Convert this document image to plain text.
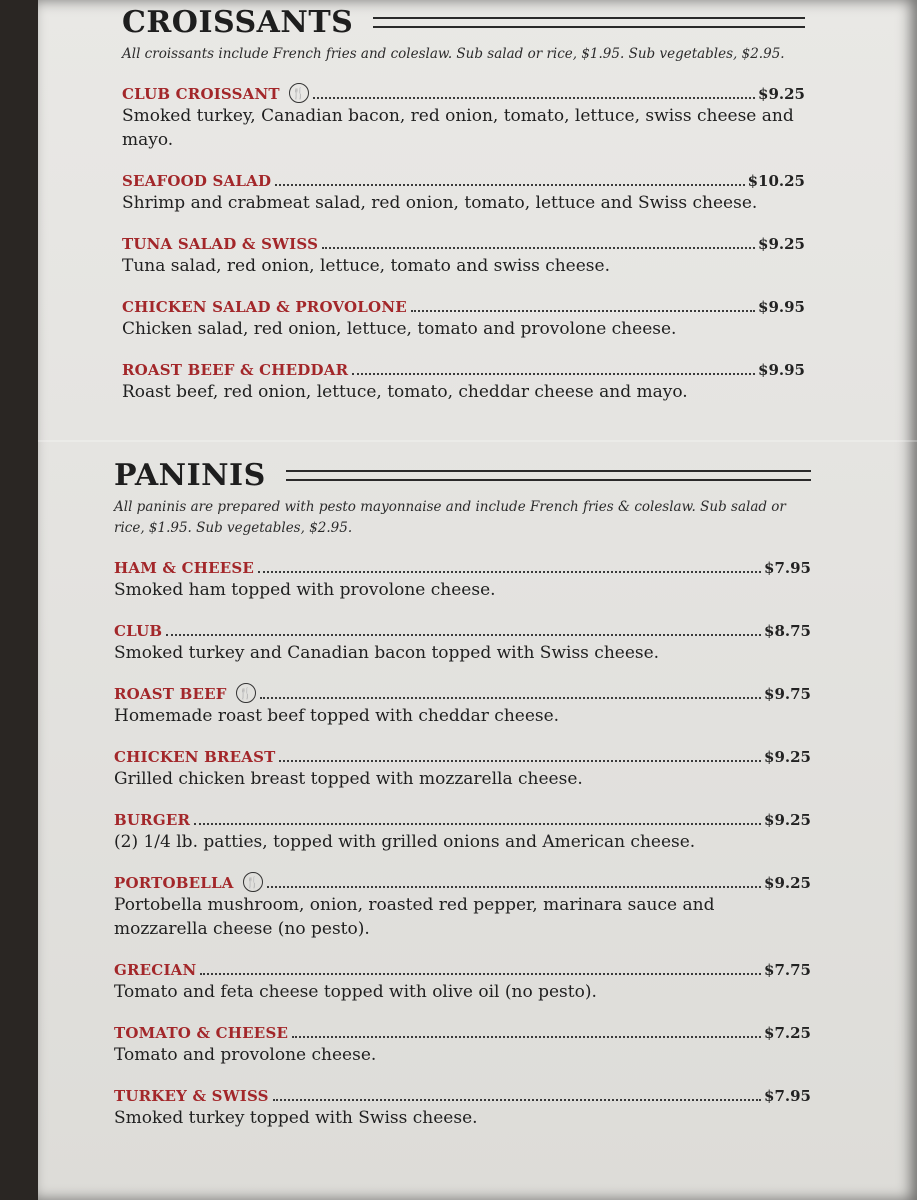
CROISSANTS
All croissants include French fries and coleslaw. Sub salad or rice, $1.95. Sub vegetables, $2.95.
CLUB CROISSANT 🍴	$9.25
Smoked turkey, Canadian bacon, red onion, tomato, lettuce, swiss cheese and mayo.
SEAFOOD SALAD	$10.25
Shrimp and crabmeat salad, red onion, tomato, lettuce and Swiss cheese.
TUNA SALAD & SWISS	$9.25
Tuna salad, red onion, lettuce, tomato and swiss cheese.
CHICKEN SALAD & PROVOLONE	$9.95
Chicken salad, red onion, lettuce, tomato and provolone cheese.
ROAST BEEF & CHEDDAR	$9.95
Roast beef, red onion, lettuce, tomato, cheddar cheese and mayo.
PANINIS
All paninis are prepared with pesto mayonnaise and include French fries & coleslaw. Sub salad or rice, $1.95. Sub vegetables, $2.95.
HAM & CHEESE	$7.95
Smoked ham topped with provolone cheese.
CLUB	$8.75
Smoked turkey and Canadian bacon topped with Swiss cheese.
ROAST BEEF 🍴	$9.75
Homemade roast beef topped with cheddar cheese.
CHICKEN BREAST	$9.25
Grilled chicken breast topped with mozzarella cheese.
BURGER	$9.25
(2) 1/4 lb. patties, topped with grilled onions and American cheese.
PORTOBELLA 🍴	$9.25
Portobella mushroom, onion, roasted red pepper, marinara sauce and mozzarella cheese (no pesto).
GRECIAN	$7.75
Tomato and feta cheese topped with olive oil (no pesto).
TOMATO & CHEESE	$7.25
Tomato and provolone cheese.
TURKEY & SWISS	$7.95
Smoked turkey topped with Swiss cheese.
